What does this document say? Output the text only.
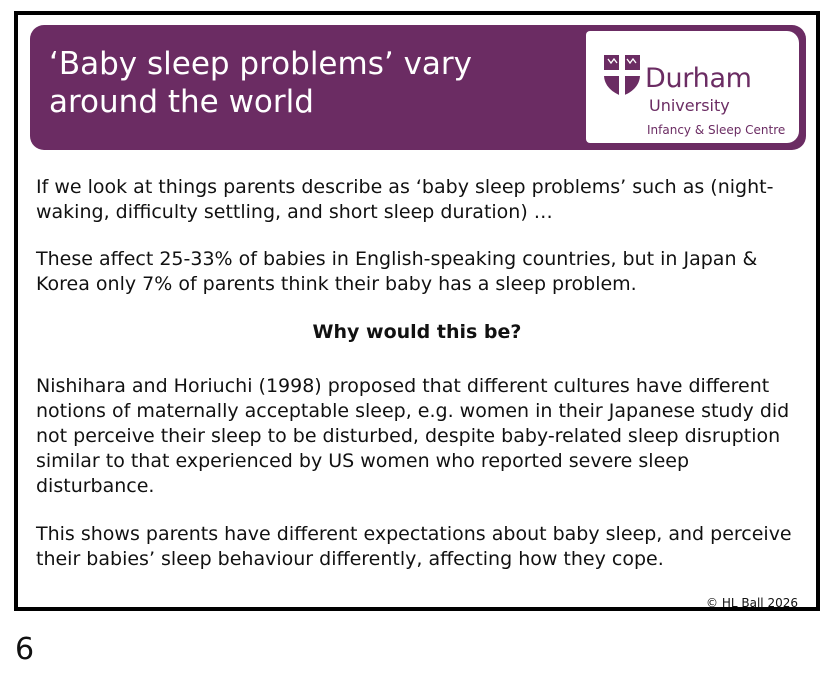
‘Baby sleep problems’ vary
around the world
Durham
University
Infancy & Sleep Centre

If we look at things parents describe as ‘baby sleep problems’ such as (night-waking, difficulty settling, and short sleep duration) …

These affect 25-33% of babies in English-speaking countries, but in Japan & Korea only 7% of parents think their baby has a sleep problem.

Why would this be?

Nishihara and Horiuchi (1998) proposed that different cultures have different notions of maternally acceptable sleep, e.g. women in their Japanese study did not perceive their sleep to be disturbed, despite baby-related sleep disruption similar to that experienced by US women who reported severe sleep disturbance.

This shows parents have different expectations about baby sleep, and perceive their babies’ sleep behaviour differently, affecting how they cope.

© HL Ball 2026
6
